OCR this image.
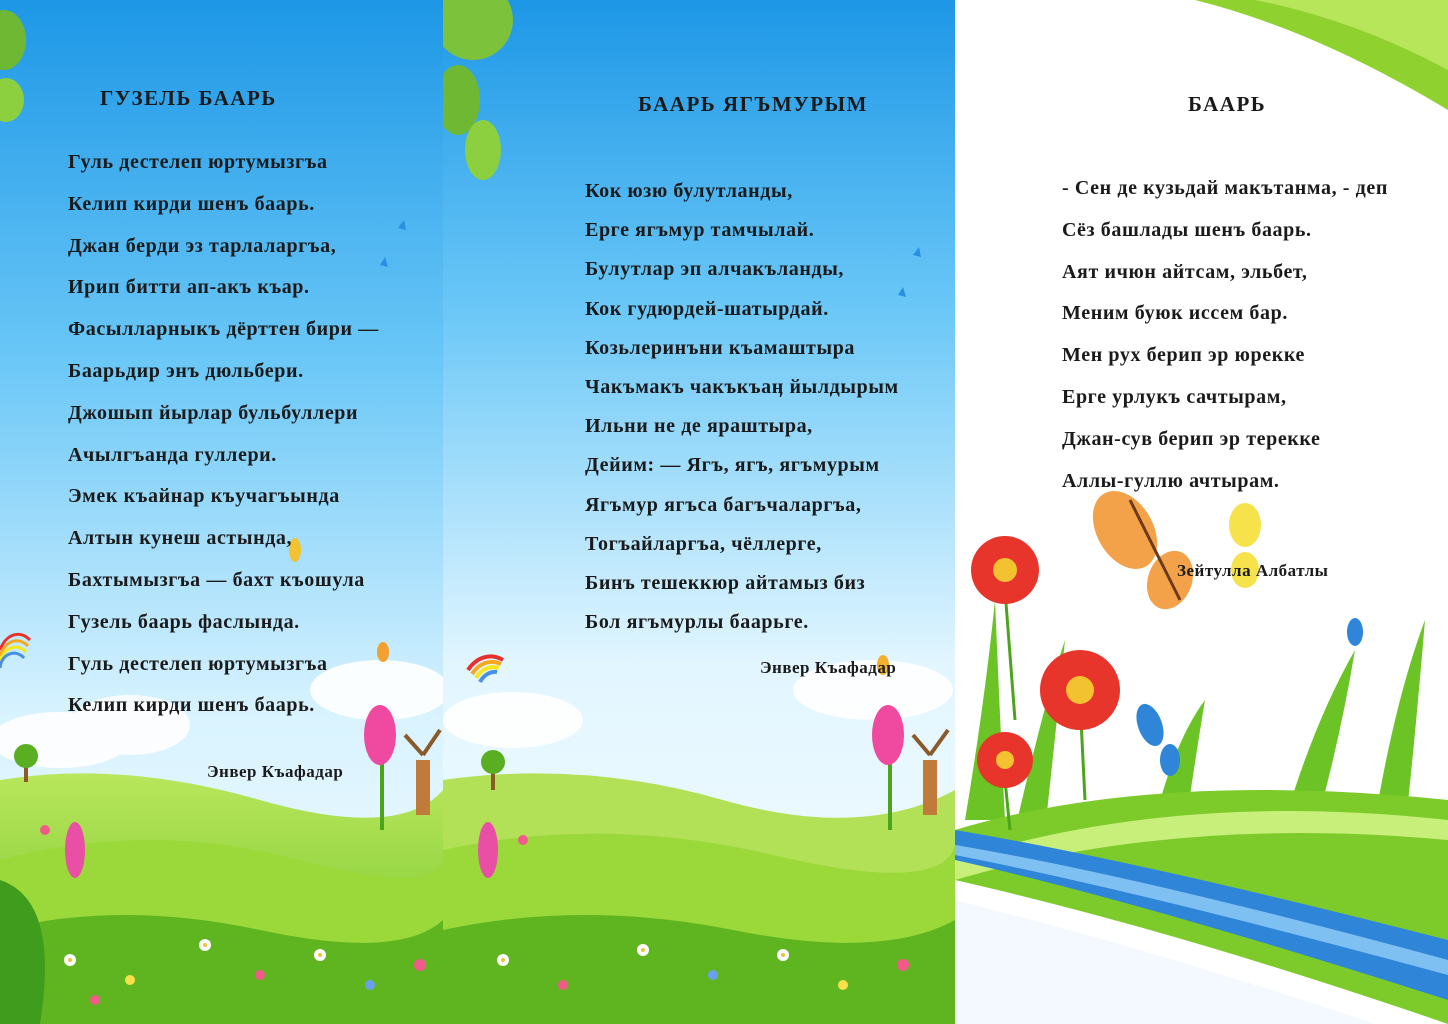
ГУЗЕЛЬ БААРЬ
Гуль дестелеп юртумызгъа
Келип кирди шенъ баарь.
Джан берди эз тарлаларгъа,
Ирип битти ап-акъ къар.
Фасылларныкъ дёрттен бири —
Баарьдир энъ дюльбери.
Джошып йырлар бульбуллери
Ачылгъанда гуллери.
Эмек къайнар къучагъында
Алтын кунеш астында,
Бахтымызгъа — бахт къошула
Гузель баарь фаслында.
Гуль дестелеп юртумызгъа
Келип кирди шенъ баарь.
Энвер Къафадар
БААРЬ ЯГЪМУРЫМ
Кок юзю булутланды,
Ерге ягъмур тамчылай.
Булутлар эп алчакъланды,
Кок гудюрдей-шатырдай.
Козьлеринъни къамаштыра
Чакъмакъ чакъкъаӊ йылдырым
Ильни не де яраштыра,
Дейим: — Ягъ, ягъ, ягъмурым
Ягъмур ягъса багъчаларгъа,
Тогъайларгъа, чёллерге,
Бинъ тешеккюр айтамыз биз
Бол ягъмурлы баарьге.
Энвер Къафадар
БААРЬ
- Сен де кузьдай макътанма, - деп
Сёз башлады шенъ баарь.
Аят ичюн айтсам, эльбет,
Меним буюк иссем бар.
Мен рух берип эр юрекке
Ерге урлукъ сачтырам,
Джан-сув берип эр терекке
Аллы-гуллю ачтырам.
Зейтулла Албатлы
